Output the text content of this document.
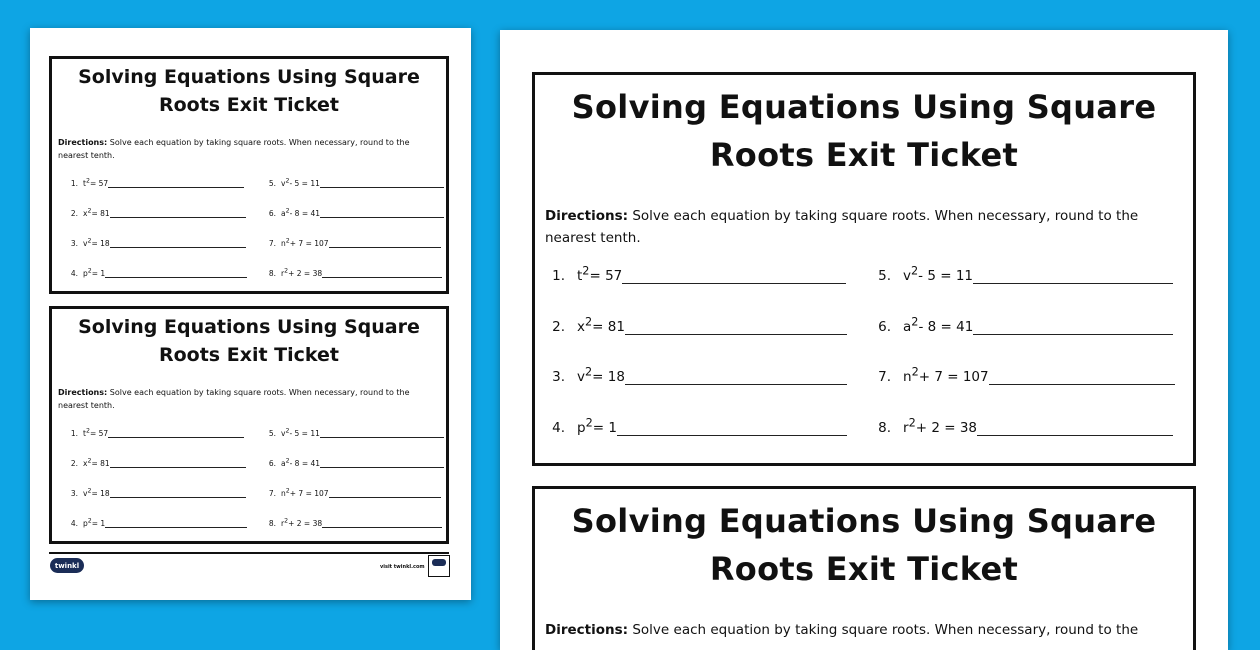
Solving Equations Using Square
Roots Exit Ticket
Directions: Solve each equation by taking square roots. When necessary, round to the nearest tenth.
1. $t^2= 57$
2. $x^2= 81$
3. $v^2= 18$
4. $p^2= 1$
5. $v^2-$ 5 = 11
6. $a^2-$ 8 = 41
7. $n^2+ 7 = 107$
8. $r^2+ 2 = 38$
Solving Equations Using Square
Roots Exit Ticket
Directions: Solve each equation by taking square roots. When necessary, round to the nearest tenth.
1. $t^2= 57$
2. $x^2= 81$
3. $v^2= 18$
4. $p^2= 1$
5. $v^2-$ 5 = 11
6. $a^2-$ 8 = 41
7. $n^2+ 7 = 107$
8. $r^2+ 2 = 38$
twinkl	visit twinkl.com
Solving Equations Using Square
Roots Exit Ticket
Directions: Solve each equation by taking square roots. When necessary, round to the nearest tenth.
1. $t^2= 57$
2. $x^2= 81$
3. $v^2= 18$
4. $p^2= 1$
5. $v^2-$ 5 = 11
6. $a^2-$ 8 = 41
7. $n^2+ 7 = 107$
8. $r^2+ 2 = 38$
Solving Equations Using Square
Roots Exit Ticket
Directions: Solve each equation by taking square roots. When necessary, round to the
